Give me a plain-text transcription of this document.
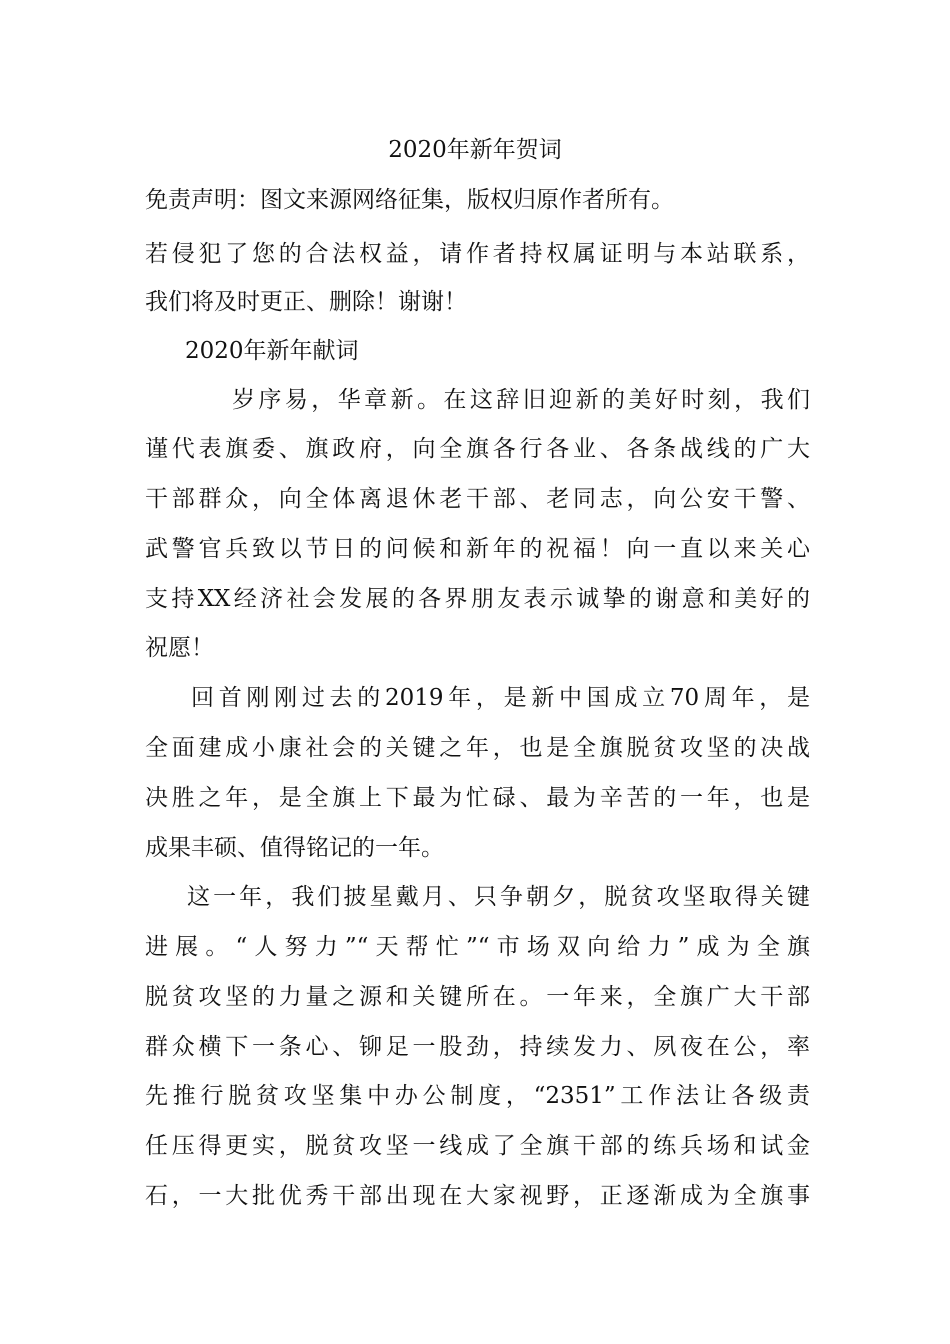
2020年新年贺词
免责声明：图文来源网络征集，版权归原作者所有。
若侵犯了您的合法权益，请作者持权属证明与本站联系，
我们将及时更正、删除！谢谢！
2020年新年献词
岁序易，华章新。在这辞旧迎新的美好时刻，我们
谨代表旗委、旗政府，向全旗各行各业、各条战线的广大
干部群众，向全体离退休老干部、老同志，向公安干警、
武警官兵致以节日的问候和新年的祝福！向一直以来关心
支持XX经济社会发展的各界朋友表示诚挚的谢意和美好的
祝愿！
回首刚刚过去的2019年，是新中国成立70周年，是
全面建成小康社会的关键之年，也是全旗脱贫攻坚的决战
决胜之年，是全旗上下最为忙碌、最为辛苦的一年，也是
成果丰硕、值得铭记的一年。
这一年，我们披星戴月、只争朝夕，脱贫攻坚取得关键
进展。“人努力”“天帮忙”“市场双向给力”成为全旗
脱贫攻坚的力量之源和关键所在。一年来，全旗广大干部
群众横下一条心、铆足一股劲，持续发力、夙夜在公，率
先推行脱贫攻坚集中办公制度，“2351”工作法让各级责
任压得更实，脱贫攻坚一线成了全旗干部的练兵场和试金
石，一大批优秀干部出现在大家视野，正逐渐成为全旗事
